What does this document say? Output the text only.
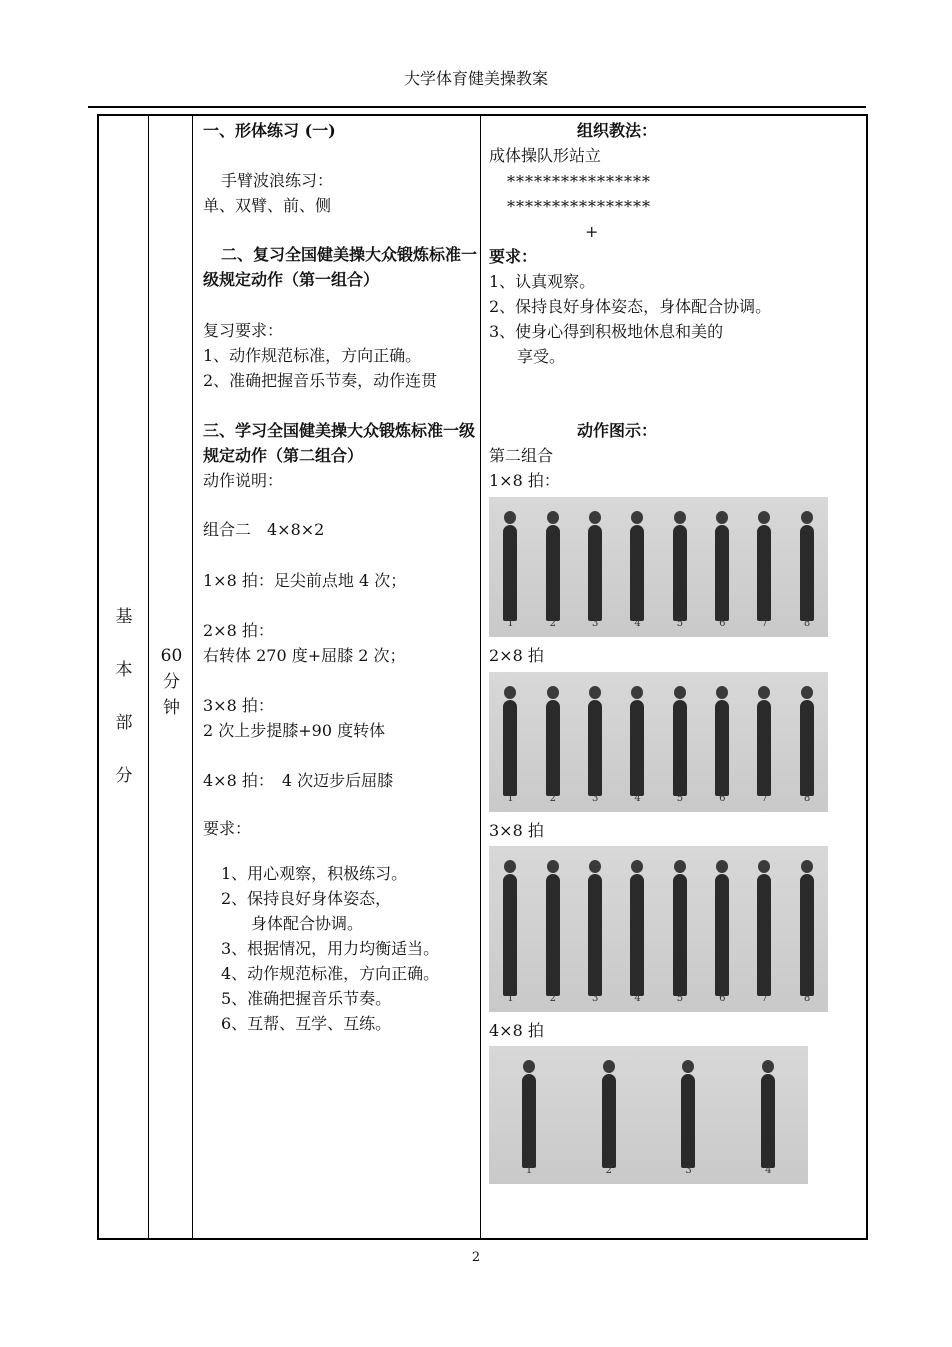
大学体育健美操教案
基
本
部
分
60
分
钟
一、形体练习 (一)
手臂波浪练习：
单、双臂、前、侧
二、复习全国健美操大众锻炼标准一级规定动作（第一组合）
复习要求：
1、动作规范标准，方向正确。
2、准确把握音乐节奏，动作连贯
三、学习全国健美操大众锻炼标准一级规定动作（第二组合）
动作说明：
组合二　4×8×2
1×8 拍：足尖前点地 4 次；
2×8 拍：
右转体 270 度+屈膝 2 次；
3×8 拍：
2 次上步提膝+90 度转体
4×8 拍：　4 次迈步后屈膝
要求：
1、用心观察，积极练习。
2、保持良好身体姿态，
身体配合协调。
3、根据情况，用力均衡适当。
4、动作规范标准，方向正确。
5、准确把握音乐节奏。
6、互帮、互学、互练。
组织教法：
成体操队形站立
****************
****************
+
要求：
1、认真观察。
2、保持良好身体姿态，身体配合协调。
3、使身心得到积极地休息和美的
享受。
动作图示：
第二组合
1×8 拍：
1	2	3	4	5	6	7	8
2×8 拍
1	2	3	4	5	6	7	8
3×8 拍
1	2	3	4	5	6	7	8
4×8 拍
1	2	3	4
2
